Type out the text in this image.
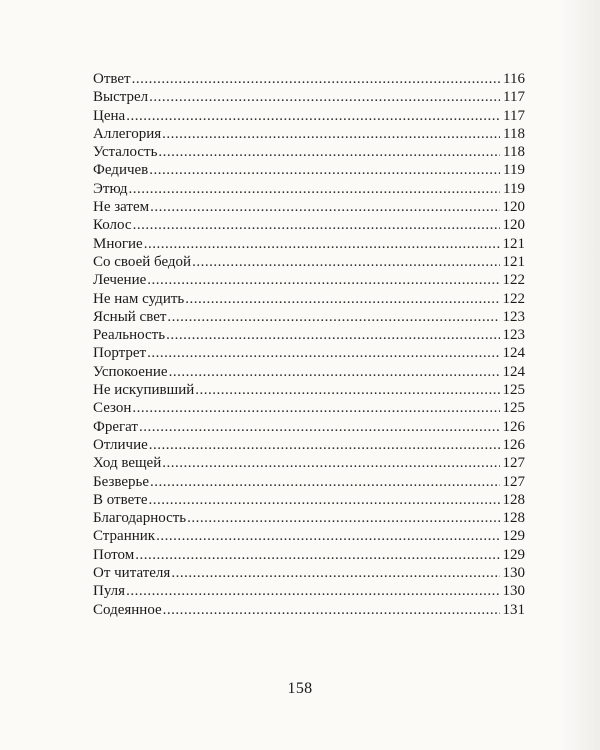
Ответ .....	116
Выстрел .....	117
Цена .....	117
Аллегория .....	118
Усталость .....	118
Федичев .....	119
Этюд .....	119
Не затем .....	120
Колос .....	120
Многие .....	121
Со своей бедой .....	121
Лечение .....	122
Не нам судить .....	122
Ясный свет .....	123
Реальность .....	123
Портрет .....	124
Успокоение .....	124
Не искупивший .....	125
Сезон .....	125
Фрегат .....	126
Отличие .....	126
Ход вещей .....	127
Безверье .....	127
В ответе .....	128
Благодарность .....	128
Странник .....	129
Потом .....	129
От читателя .....	130
Пуля .....	130
Содеянное .....	131
158
